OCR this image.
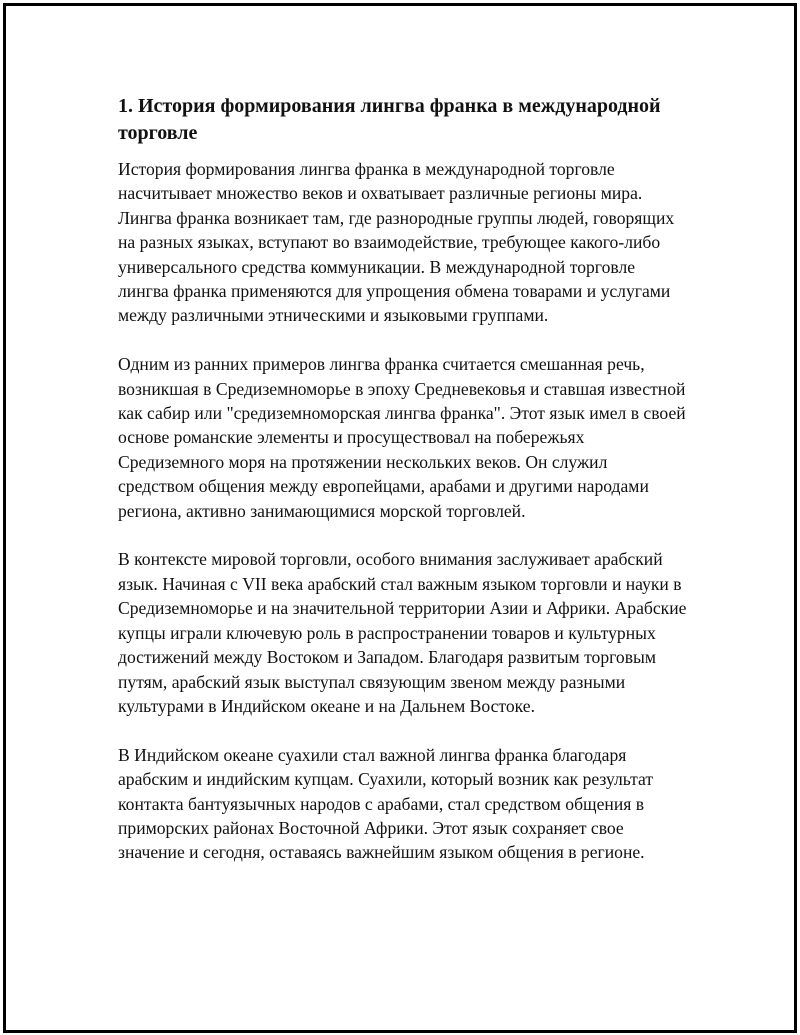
1. История формирования лингва франка в международной торговле

История формирования лингва франка в международной торговле насчитывает множество веков и охватывает различные регионы мира. Лингва франка возникает там, где разнородные группы людей, говорящих на разных языках, вступают во взаимодействие, требующее какого-либо универсального средства коммуникации. В международной торговле лингва франка применяются для упрощения обмена товарами и услугами между различными этническими и языковыми группами.

Одним из ранних примеров лингва франка считается смешанная речь, возникшая в Средиземноморье в эпоху Средневековья и ставшая известной как сабир или "средиземноморская лингва франка". Этот язык имел в своей основе романские элементы и просуществовал на побережьях Средиземного моря на протяжении нескольких веков. Он служил средством общения между европейцами, арабами и другими народами региона, активно занимающимися морской торговлей.

В контексте мировой торговли, особого внимания заслуживает арабский язык. Начиная с VII века арабский стал важным языком торговли и науки в Средиземноморье и на значительной территории Азии и Африки. Арабские купцы играли ключевую роль в распространении товаров и культурных достижений между Востоком и Западом. Благодаря развитым торговым путям, арабский язык выступал связующим звеном между разными культурами в Индийском океане и на Дальнем Востоке.

В Индийском океане суахили стал важной лингва франка благодаря арабским и индийским купцам. Суахили, который возник как результат контакта бантуязычных народов с арабами, стал средством общения в приморских районах Восточной Африки. Этот язык сохраняет свое значение и сегодня, оставаясь важнейшим языком общения в регионе.
